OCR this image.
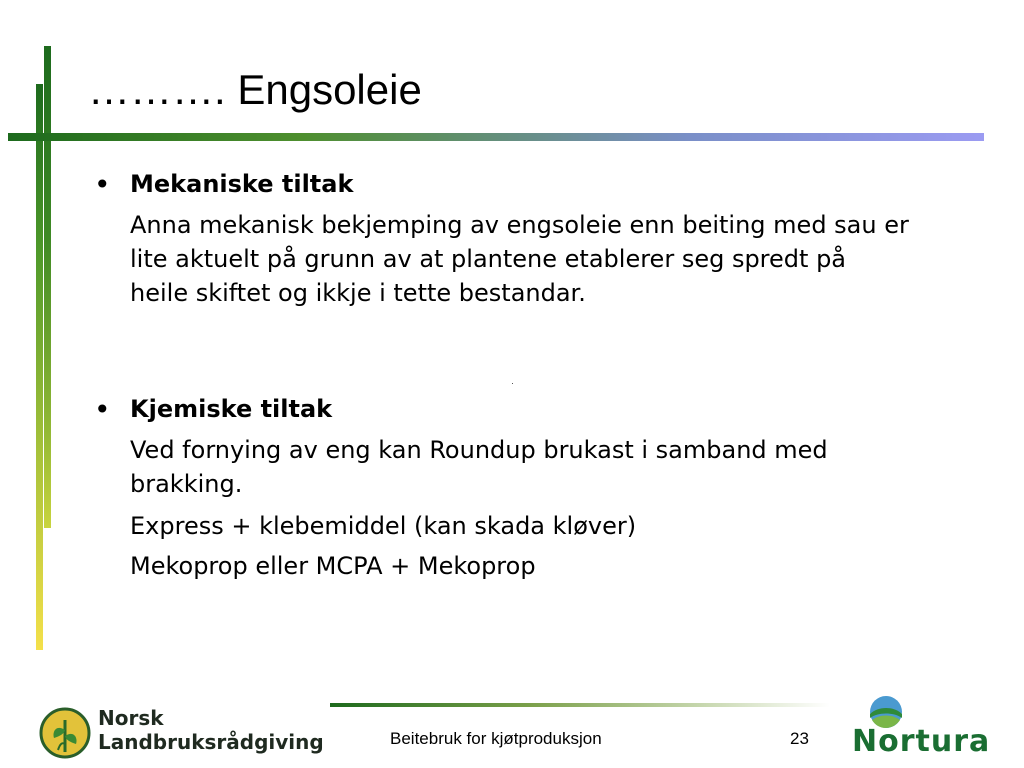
………. Engsoleie
• Mekaniske tiltak
Anna mekanisk bekjemping av engsoleie enn beiting med sau er lite aktuelt på grunn av at plantene etablerer seg spredt på heile skiftet og ikkje i tette bestandar.
• Kjemiske tiltak
Ved fornying av eng kan Roundup brukast i samband med brakking.
Express + klebemiddel (kan skada kløver)
Mekoprop eller MCPA + Mekoprop
Norsk
Landbruksrådgiving	Beitebruk for kjøtproduksjon	23 Nortura
